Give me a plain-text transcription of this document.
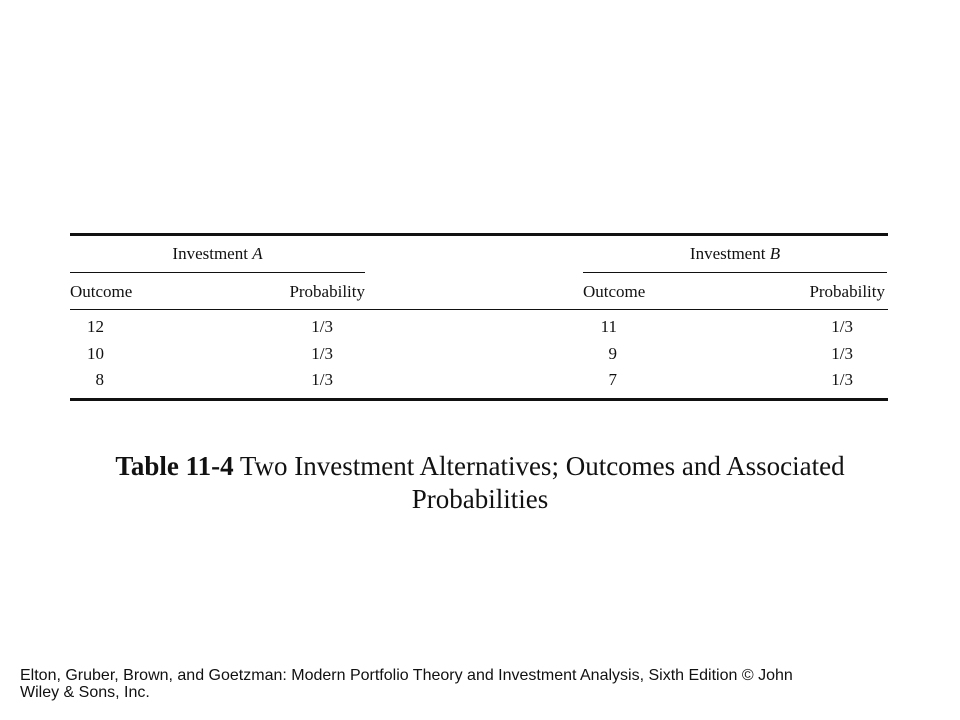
Investment A	Investment B
Outcome	Probability	Outcome	Probability
12	1/3	11	1/3
10	1/3	9	1/3
8	1/3	7	1/3
Table 11-4 Two Investment Alternatives; Outcomes and Associated
Probabilities
Elton, Gruber, Brown, and Goetzman: Modern Portfolio Theory and Investment Analysis, Sixth Edition © John
Wiley & Sons, Inc.
